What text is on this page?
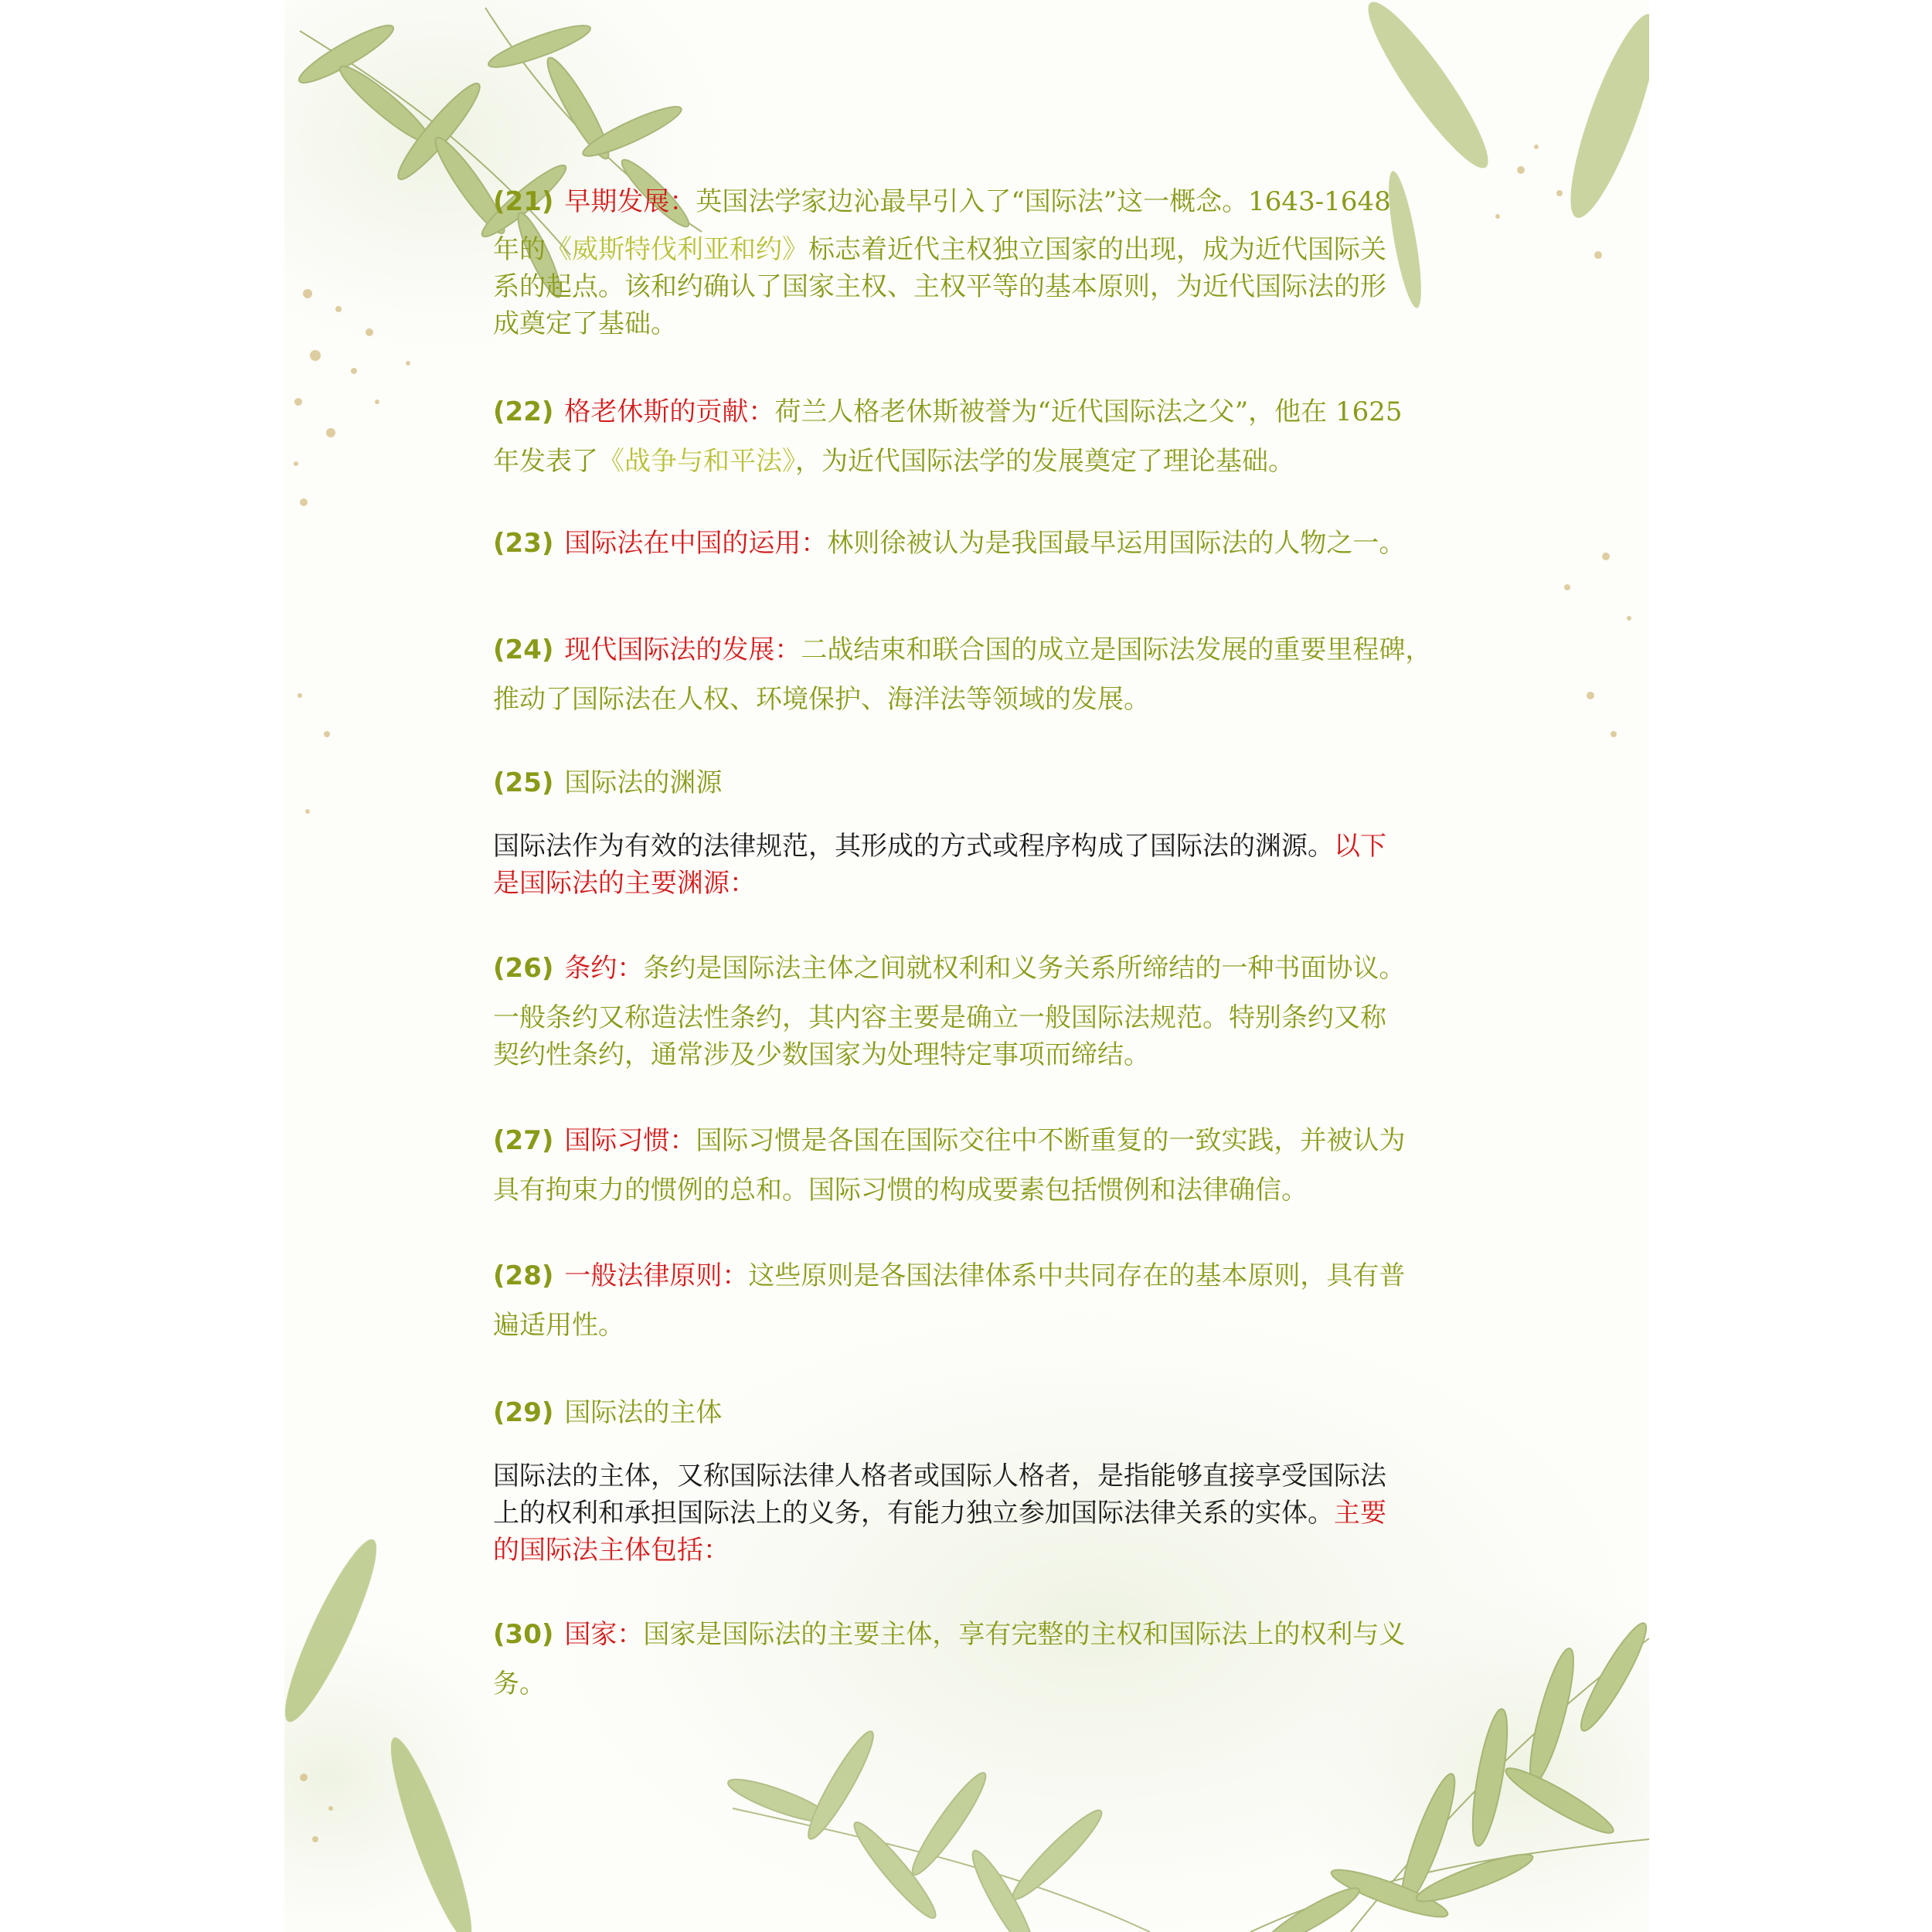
(21) 早期发展：英国法学家边沁最早引入了“国际法”这一概念。1643-1648
年的《威斯特伐利亚和约》标志着近代主权独立国家的出现，成为近代国际关
系的起点。该和约确认了国家主权、主权平等的基本原则，为近代国际法的形
成奠定了基础。
(22) 格老休斯的贡献：荷兰人格老休斯被誉为“近代国际法之父”，他在 1625
年发表了《战争与和平法》，为近代国际法学的发展奠定了理论基础。
(23) 国际法在中国的运用：林则徐被认为是我国最早运用国际法的人物之一。
(24) 现代国际法的发展：二战结束和联合国的成立是国际法发展的重要里程碑，
推动了国际法在人权、环境保护、海洋法等领域的发展。
(25) 国际法的渊源
国际法作为有效的法律规范，其形成的方式或程序构成了国际法的渊源。以下
是国际法的主要渊源：
(26) 条约：条约是国际法主体之间就权利和义务关系所缔结的一种书面协议。
一般条约又称造法性条约，其内容主要是确立一般国际法规范。特别条约又称
契约性条约，通常涉及少数国家为处理特定事项而缔结。
(27) 国际习惯：国际习惯是各国在国际交往中不断重复的一致实践，并被认为
具有拘束力的惯例的总和。国际习惯的构成要素包括惯例和法律确信。
(28) 一般法律原则：这些原则是各国法律体系中共同存在的基本原则，具有普
遍适用性。
(29) 国际法的主体
国际法的主体，又称国际法律人格者或国际人格者，是指能够直接享受国际法
上的权利和承担国际法上的义务，有能力独立参加国际法律关系的实体。主要
的国际法主体包括：
(30) 国家：国家是国际法的主要主体，享有完整的主权和国际法上的权利与义
务。
